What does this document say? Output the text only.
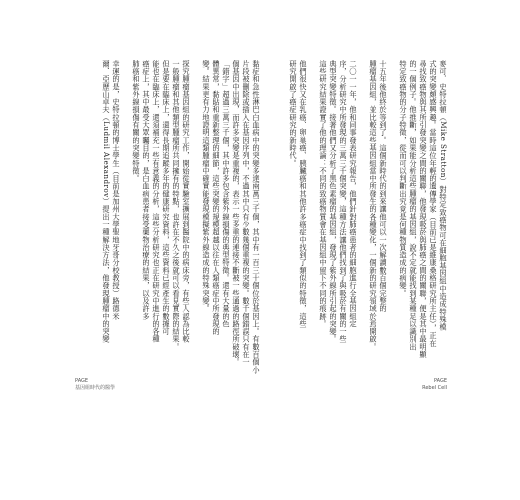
黏症和急性淋巴白血病中的突變多達兩萬三千個，其中有一百三十個位於基因上。有數百個小
片段被刪除或插入在基因序列中，不過其中只有少數幾個重複的突變。數千個錯誤只有在一
個基因中出現，而許多突變是重複的，表示一些多重的連接不斷被一些通過的路徑所破壞。
「錯字」超過三萬三千個，其中許多包含紫外線損傷的典型特徵。還有大量的色
體異常，黏貼和重新整理的細節，這些突變的規模超越以往在人類癌症中所發現的
變。結果更有力地證明這類腫瘤中確實能發現模擬紫外線造成的特殊突變。
探究腫瘤基因組的研究工作，開始從實驗室擴展到醫院中的病床旁，有些人認為比較
一般腫瘤和其他類型腫瘤所共同擁有的特點，也許在不久之後就可以看見實際的結果。
但是要在臨床上，還得長期追蹤多年的健康研究資料，這些資料已經產生的數據可
能也在臨床上，還須補充一些有意義的分析，這些分析研究也正在研究中進行的各種
癌症上，其中最受大眾矚目的，是白血病患者接受藥物治療的結果，以及許多
肺癌和紫外線損傷有關的突變特徵。
幸運的是，史特拉頓的博士學生（目前是加州大學聖地牙哥分校教授）路德米
爾．亞歷山卓夫（Ludmil Alexandrov）提出一種解決方法，他發現腫瘤中的突變
PAGE
基因組時代的醫學
麥可．史特拉頓（Mike Stratton）對特定致癌物可在細胞基因組中造成特殊模
式的突變頗感興趣。當時這位年輕的遺傳學家（目前已是維康桑格研究所主任），正在
尋找致癌物與其所引發突變之間的關聯，他發現吸菸與肺癌之間的關聯，便是其中最明顯
的一個例子。他推斷，如果能分析這些腫瘤的基因組，說不定就能找到某種足以識別出
特定致癌物的分子特徵，從而可以判斷出究竟是何種物質造成的病變。
十五年後他終於等到了。這個新時代的到來讓他可以一次解讀數百個完整的
腫瘤基因組，並比較這些基因組當中所發生的各種變化，一個新的研究領域於焉開啟。
二〇一一年，他和同事發表研究報告，他們針對肺癌患者的細胞進行全基因組定
序，分析研究中所發現的三萬三千個突變，這種方法讓他們找到了與吸菸有關的一些
典型突變特徵。接著他們又分析了黑色素瘤的基因組，發現了紫外線所引起的突變。
這些研究結果證實了他的理論：不同的致癌物質會在基因組中留下不同的痕跡。
他們很快又在乳癌、卵巢癌、胰臟癌和其他許多癌症中找到了類似的特徵，這些
研究開啟了癌症研究的新時代。
PAGE
Rebel Cell
